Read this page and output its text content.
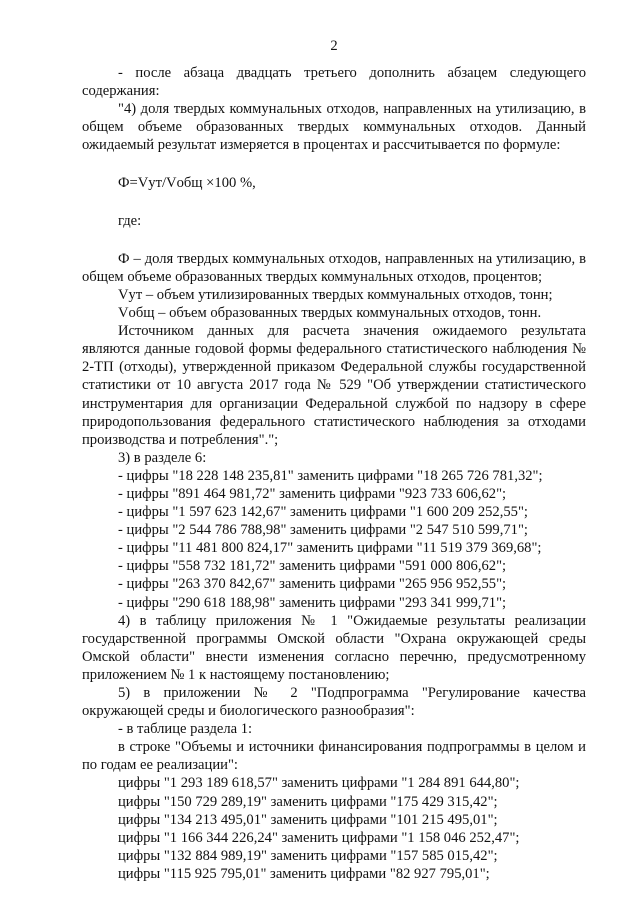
2
- после абзаца двадцать третьего дополнить абзацем следующего содержания:
"4) доля твердых коммунальных отходов, направленных на утилизацию, в общем объеме образованных твердых коммунальных отходов. Данный ожидаемый результат измеряется в процентах и рассчитывается по формуле:
Ф=Vут/Vобщ ×100 %,
где:
Ф – доля твердых коммунальных отходов, направленных на утилизацию, в общем объеме образованных твердых коммунальных отходов, процентов;
Vут – объем утилизированных твердых коммунальных отходов, тонн;
Vобщ – объем образованных твердых коммунальных отходов, тонн.
Источником данных для расчета значения ожидаемого результата являются данные годовой формы федерального статистического наблюдения № 2-ТП (отходы), утвержденной приказом Федеральной службы государственной статистики от 10 августа 2017 года № 529 "Об утверждении статистического инструментария для организации Федеральной службой по надзору в сфере природопользования федерального статистического наблюдения за отходами производства и потребления".";
3) в разделе 6:
- цифры "18 228 148 235,81" заменить цифрами "18 265 726 781,32";
- цифры "891 464 981,72" заменить цифрами "923 733 606,62";
- цифры "1 597 623 142,67" заменить цифрами "1 600 209 252,55";
- цифры "2 544 786 788,98" заменить цифрами "2 547 510 599,71";
- цифры "11 481 800 824,17" заменить цифрами "11 519 379 369,68";
- цифры "558 732 181,72" заменить цифрами "591 000 806,62";
- цифры "263 370 842,67" заменить цифрами "265 956 952,55";
- цифры "290 618 188,98" заменить цифрами "293 341 999,71";
4) в таблицу приложения № 1 "Ожидаемые результаты реализации государственной программы Омской области "Охрана окружающей среды Омской области" внести изменения согласно перечню, предусмотренному приложением № 1 к настоящему постановлению;
5) в приложении № 2 "Подпрограмма "Регулирование качества окружающей среды и биологического разнообразия":
- в таблице раздела 1:
в строке "Объемы и источники финансирования подпрограммы в целом и по годам ее реализации":
цифры "1 293 189 618,57" заменить цифрами "1 284 891 644,80";
цифры "150 729 289,19" заменить цифрами "175 429 315,42";
цифры "134 213 495,01" заменить цифрами "101 215 495,01";
цифры "1 166 344 226,24" заменить цифрами "1 158 046 252,47";
цифры "132 884 989,19" заменить цифрами "157 585 015,42";
цифры "115 925 795,01" заменить цифрами "82 927 795,01";
